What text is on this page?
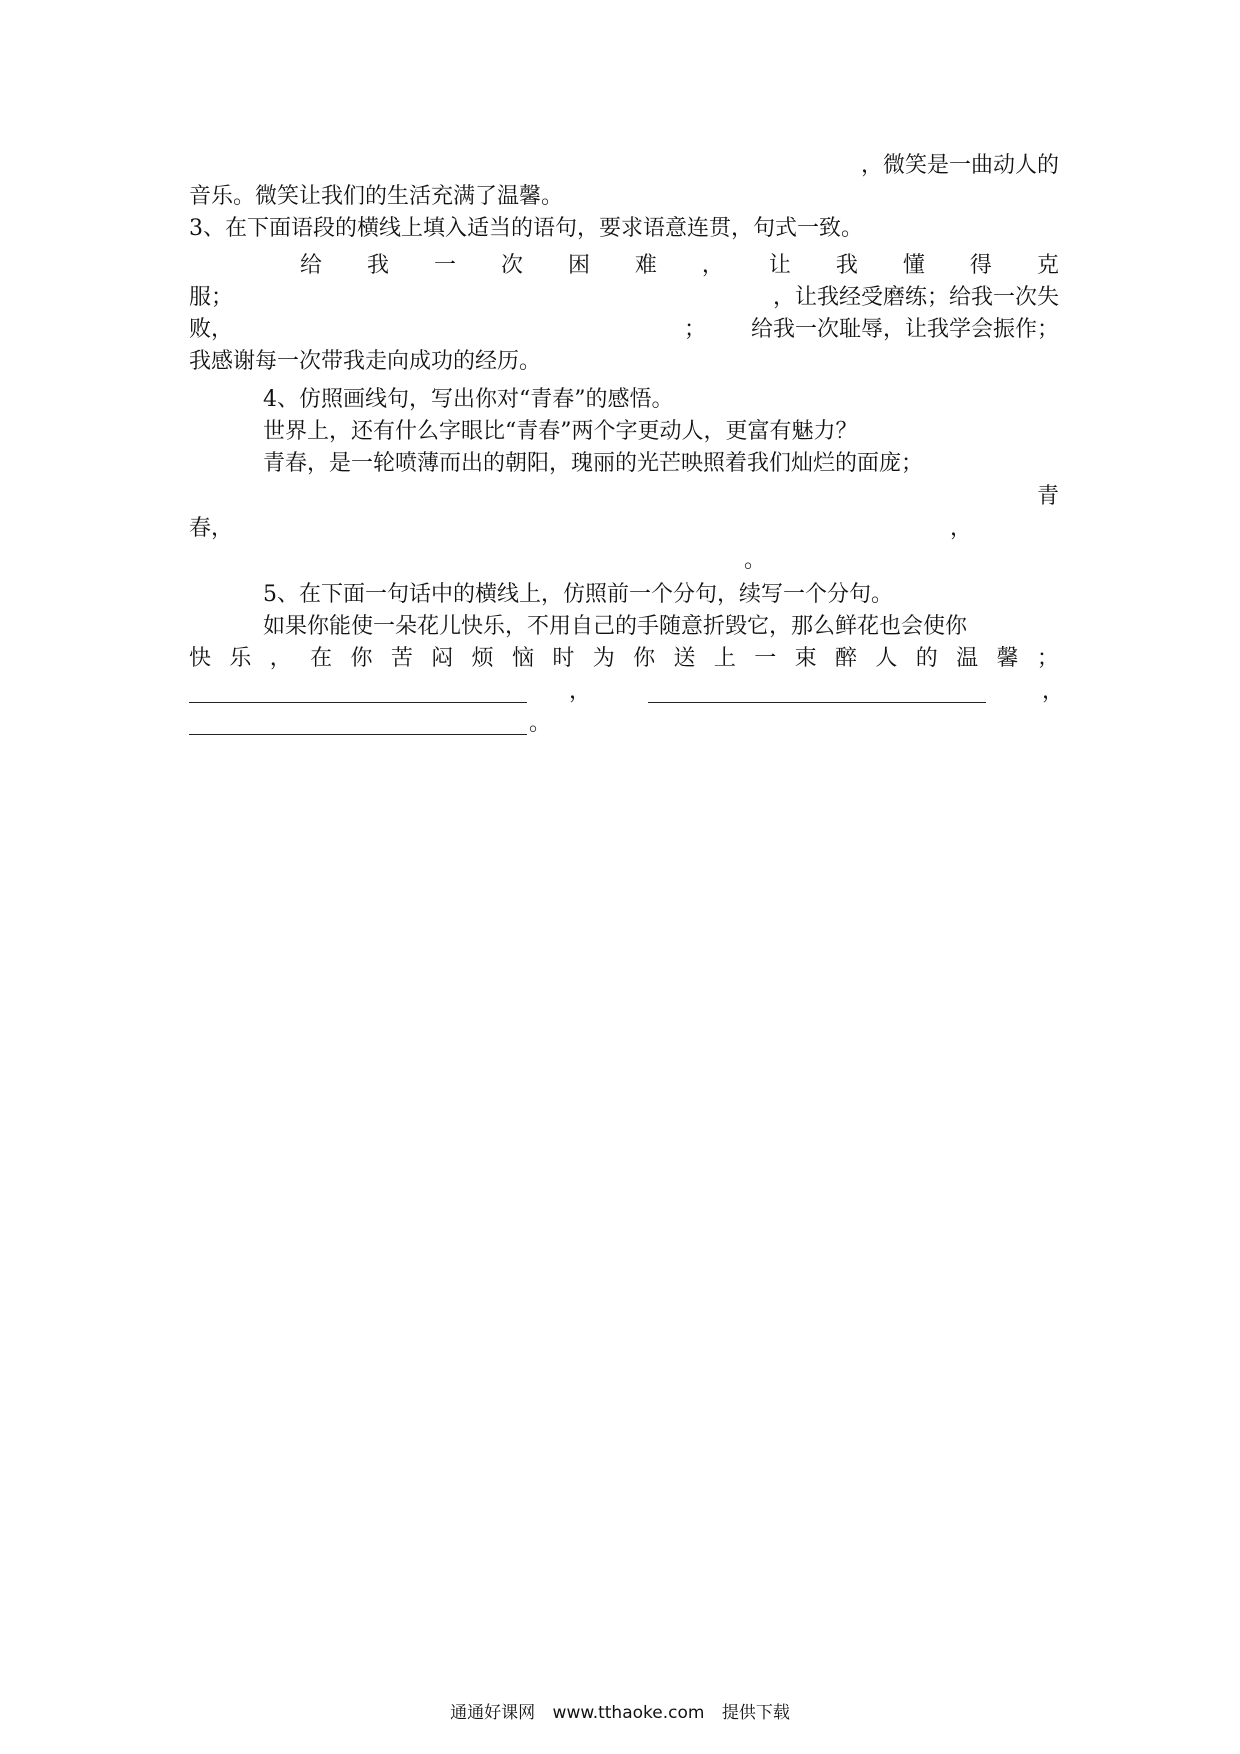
，微笑是一曲动人的
音乐。微笑让我们的生活充满了温馨。
3、在下面语段的横线上填入适当的语句，要求语意连贯，句式一致。
给 我 一 次 困 难 ， 让 我 懂 得 克
服；	，让我经受磨练；给我一次失
败，	； 给我一次耻辱，让我学会振作；
我感谢每一次带我走向成功的经历。
4、仿照画线句，写出你对“青春”的感悟。
世界上，还有什么字眼比“青春”两个字更动人，更富有魅力？
青春，是一轮喷薄而出的朝阳，瑰丽的光芒映照着我们灿烂的面庞；
青
春，	，
。
5、在下面一句话中的横线上，仿照前一个分句，续写一个分句。
如果你能使一朵花儿快乐，不用自己的手随意折毁它，那么鲜花也会使你
快 乐 ， 在 你 苦 闷 烦 恼 时 为 你 送 上 一 束 醉 人 的 温 馨 ；
，	，
。
通通好课网 www.tthaoke.com 提供下载
